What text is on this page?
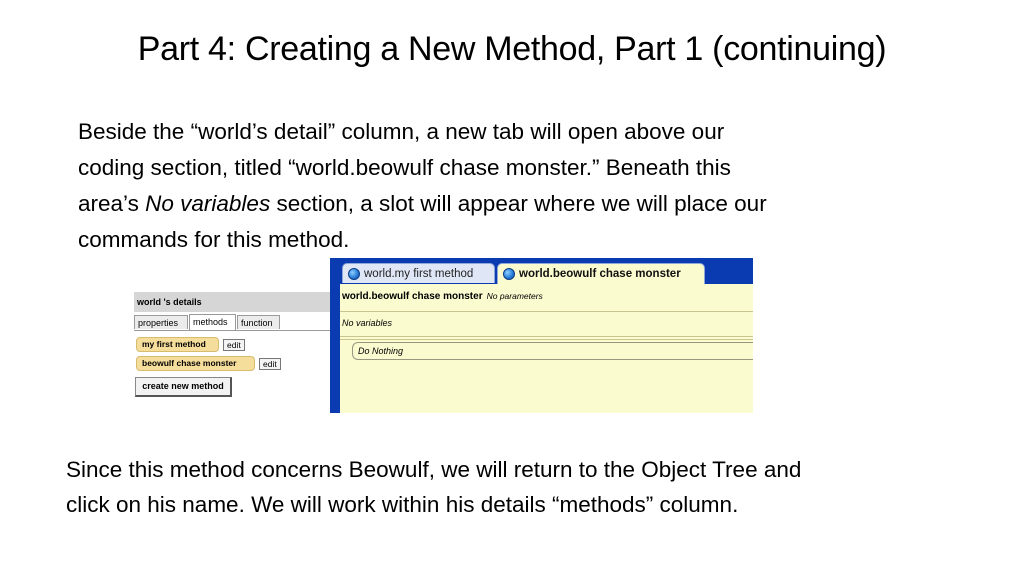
Part 4: Creating a New Method, Part 1 (continuing)
Beside the “world’s detail” column, a new tab will open above our
coding section, titled “world.beowulf chase monster.” Beneath this
area’s No variables section, a slot will appear where we will place our
commands for this method.
world 's details
properties	methods	function
my first method	edit
beowulf chase monster	edit
create new method
world.my first method	world.beowulf chase monster
world.beowulf chase monster No parameters
No variables
Do Nothing
Since this method concerns Beowulf, we will return to the Object Tree and
click on his name. We will work within his details “methods” column.
